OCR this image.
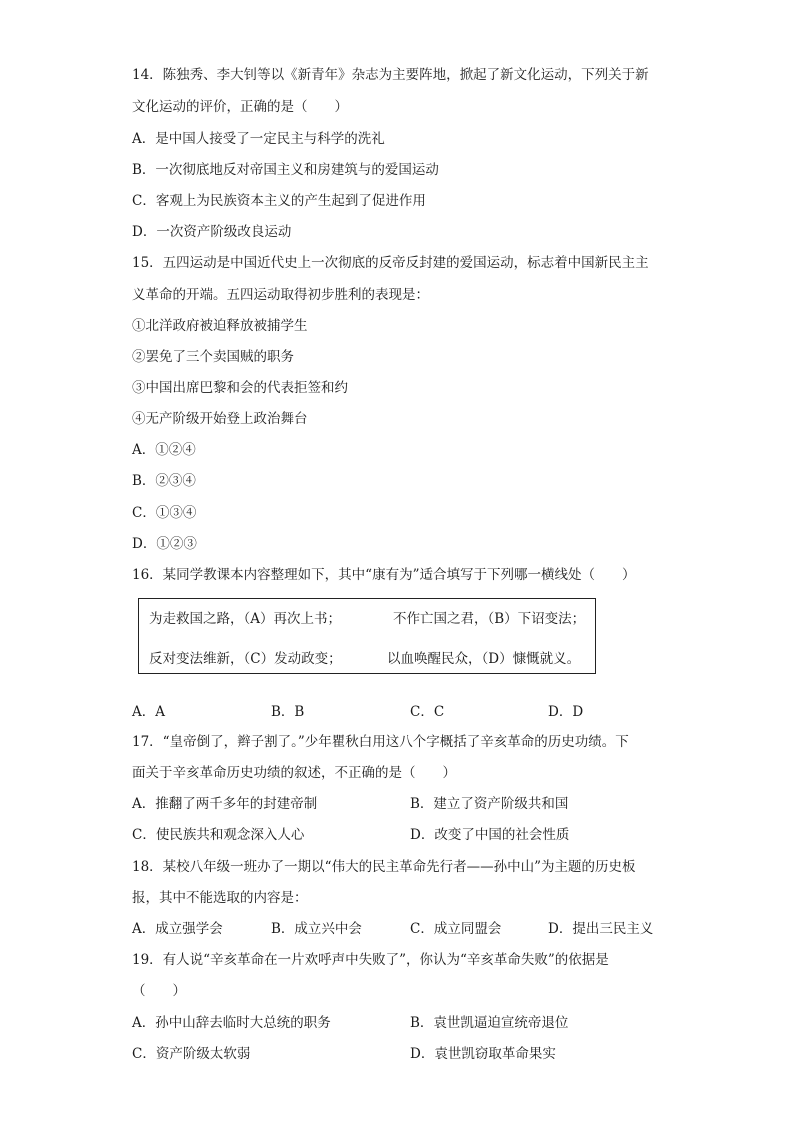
14．陈独秀、李大钊等以《新青年》杂志为主要阵地，掀起了新文化运动，下列关于新
文化运动的评价，正确的是（　　）
A．是中国人接受了一定民主与科学的洗礼
B．一次彻底地反对帝国主义和房建筑与的爱国运动
C．客观上为民族资本主义的产生起到了促进作用
D．一次资产阶级改良运动
15．五四运动是中国近代史上一次彻底的反帝反封建的爱国运动，标志着中国新民主主
义革命的开端。五四运动取得初步胜利的表现是：
①北洋政府被迫释放被捕学生
②罢免了三个卖国贼的职务
③中国出席巴黎和会的代表拒签和约
④无产阶级开始登上政治舞台
A．①②④
B．②③④
C．①③④
D．①②③
16．某同学教课本内容整理如下，其中“康有为”适合填写于下列哪一横线处（　　）
为走救国之路，（A）再次上书；	不作亡国之君，（B）下诏变法；
反对变法维新，（C）发动政变；	以血唤醒民众，（D）慷慨就义。
A．A	B．B	C．C	D．D
17．“皇帝倒了，辫子割了。”少年瞿秋白用这八个字概括了辛亥革命的历史功绩。下
面关于辛亥革命历史功绩的叙述，不正确的是（　　）
A．推翻了两千多年的封建帝制	B．建立了资产阶级共和国
C．使民族共和观念深入人心	D．改变了中国的社会性质
18．某校八年级一班办了一期以“伟大的民主革命先行者——孙中山”为主题的历史板
报，其中不能选取的内容是：
A．成立强学会	B．成立兴中会	C．成立同盟会	D．提出三民主义
19．有人说“辛亥革命在一片欢呼声中失败了”，你认为“辛亥革命失败”的依据是
（　　）
A．孙中山辞去临时大总统的职务	B．袁世凯逼迫宣统帝退位
C．资产阶级太软弱	D．袁世凯窃取革命果实
